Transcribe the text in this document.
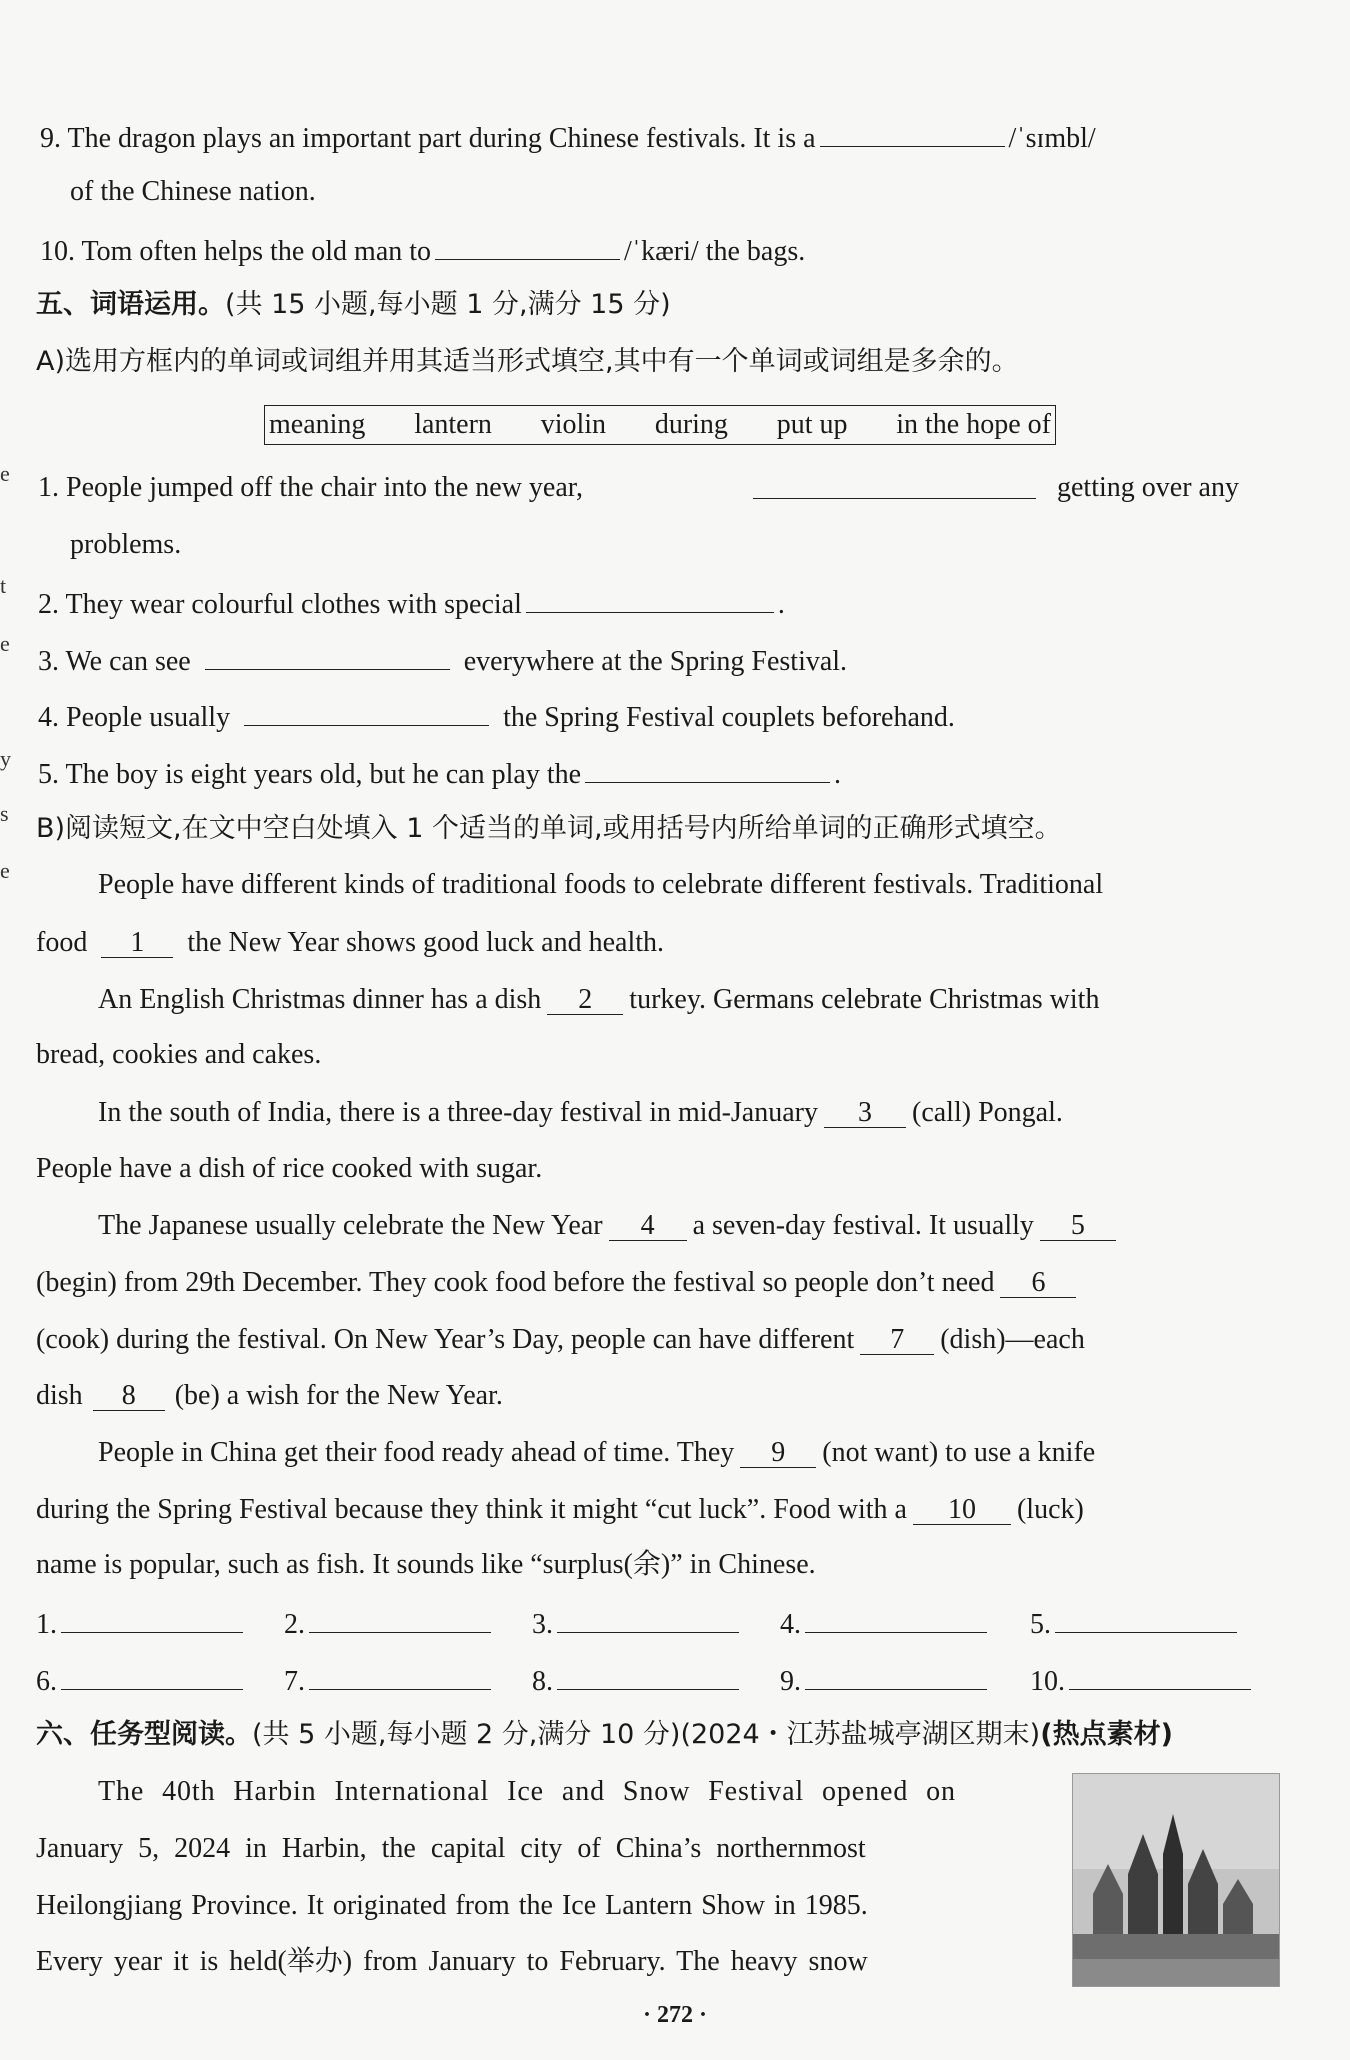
e
t
e
y
s
e
9. The dragon plays an important part during Chinese festivals. It is a	/ˈsɪmbl/
of the Chinese nation.
10. Tom often helps the old man to	/ˈkæri/ the bags.
五、词语运用。(共 15 小题,每小题 1 分,满分 15 分)
A)选用方框内的单词或词组并用其适当形式填空,其中有一个单词或词组是多余的。
meaning lantern violin during put up in the hope of
1. People jumped off the chair into the new year,	getting over any
problems.
2. They wear colourful clothes with special	.
3. We can see	everywhere at the Spring Festival.
4. People usually	the Spring Festival couplets beforehand.
5. The boy is eight years old, but he can play the	.
B)阅读短文,在文中空白处填入 1 个适当的单词,或用括号内所给单词的正确形式填空。
People have different kinds of traditional foods to celebrate different festivals. Traditional
food 1 the New Year shows good luck and health.
An English Christmas dinner has a dish 2 turkey. Germans celebrate Christmas with
bread, cookies and cakes.
In the south of India, there is a three-day festival in mid-January 3 (call) Pongal.
People have a dish of rice cooked with sugar.
The Japanese usually celebrate the New Year 4 a seven-day festival. It usually 5
(begin) from 29th December. They cook food before the festival so people don’t need 6
(cook) during the festival. On New Year’s Day, people can have different 7 (dish)—each
dish 8 (be) a wish for the New Year.
People in China get their food ready ahead of time. They 9 (not want) to use a knife
during the Spring Festival because they think it might “cut luck”. Food with a 10 (luck)
name is popular, such as fish. It sounds like “surplus(余)” in Chinese.
1.	2.	3.	4.	5.
6.	7.	8.	9.	10.
六、任务型阅读。(共 5 小题,每小题 2 分,满分 10 分)(2024・江苏盐城亭湖区期末)(热点素材)
The 40th Harbin International Ice and Snow Festival opened on
January 5, 2024 in Harbin, the capital city of China’s northernmost
Heilongjiang Province. It originated from the Ice Lantern Show in 1985.
Every year it is held(举办) from January to February. The heavy snow
· 272 ·
